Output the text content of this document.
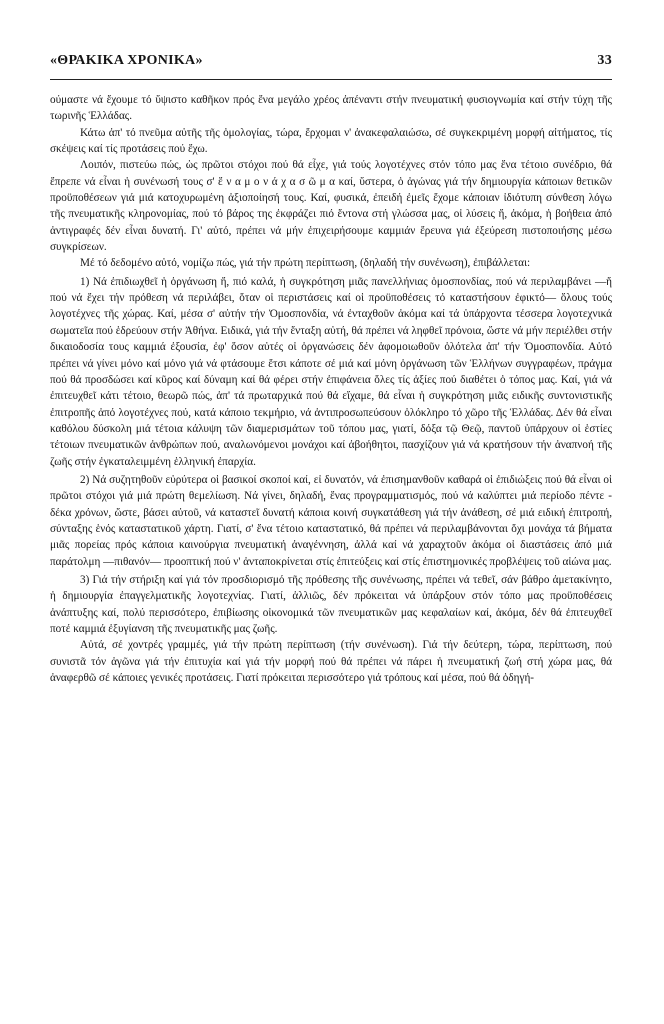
«ΘΡΑΚΙΚΑ ΧΡΟΝΙΚΑ»	33

ούμαστε νά ἔχουμε τό ὕψιστο καθῆκον πρός ἕνα μεγάλο χρέος ἀπέναντι στήν πνευματική φυσιογνωμία καί στήν τύχη τῆς τωρινῆς Ἑλλάδας.

Κάτω ἀπ' τό πνεῦμα αὐτῆς τῆς ὁμολογίας, τώρα, ἔρχομαι ν' ἀνακεφαλαιώσω, σέ συγκεκριμένη μορφή αἰτήματος, τίς σκέψεις καί τίς προτάσεις πού ἔχω.

Λοιπόν, πιστεύω πώς, ὡς πρῶτοι στόχοι πού θά εἶχε, γιά τούς λογοτέχνες στόν τόπο μας ἕνα τέτοιο συνέδριο, θά ἔπρεπε νά εἶναι ἡ συνένωσή τους σ' ἕ ν α μ ο ν ά χ α σ ῶ μ α καί, ὕστερα, ὁ ἀγώνας γιά τήν δημιουργία κάποιων θετικῶν προϋποθέσεων γιά μιά κατοχυρωμένη ἀξιοποίησή τους. Καί, φυσικά, ἐπειδή ἐμεῖς ἔχομε κάποιαν ἰδιότυπη σύνθεση λόγω τῆς πνευματικῆς κληρονομίας, πού τό βάρος της ἐκφράζει πιό ἔντονα στή γλώσσα μας, οἱ λύσεις ἤ, ἀκόμα, ἡ βοήθεια ἀπό ἀντιγραφές δέν εἶναι δυνατή. Γι' αὐτό, πρέπει νά μήν ἐπιχειρήσουμε καμμιάν ἔρευνα γιά ἐξεύρεση πιστοποιήσης μέσω συγκρίσεων.

Μέ τό δεδομένο αὐτό, νομίζω πώς, γιά τήν πρώτη περίπτωση, (δηλαδή τήν συνένωση), ἐπιβάλλεται:

1) Νά ἐπιδιωχθεῖ ἡ ὀργάνωση ἤ, πιό καλά, ἡ συγκρότηση μιᾶς πανελλήνιας ὁμοσπονδίας, πού νά περιλαμβάνει —ἤ πού νά ἔχει τήν πρόθεση νά περιλάβει, ὅταν οἱ περιστάσεις καί οἱ προϋποθέσεις τό καταστήσουν ἐφικτό— ὅλους τούς λογοτέχνες τῆς χώρας. Καί, μέσα σ' αὐτήν τήν Ὁμοσπονδία, νά ἐνταχθοῦν ἀκόμα καί τά ὑπάρχοντα τέσσερα λογοτεχνικά σωματεῖα πού ἑδρεύουν στήν Ἀθήνα. Ειδικά, γιά τήν ἔνταξη αὐτή, θά πρέπει νά ληφθεῖ πρόνοια, ὥστε νά μήν περιέλθει στήν δικαιοδοσία τους καμμιά ἐξουσία, ἐφ' ὅσον αὐτές οἱ ὀργανώσεις δέν ἀφομοιωθοῦν ὁλότελα ἀπ' τήν Ὁμοσπονδία. Αὐτό πρέπει νά γίνει μόνο καί μόνο γιά νά φτάσουμε ἔτσι κάποτε σέ μιά καί μόνη ὀργάνωση τῶν Ἑλλήνων συγγραφέων, πράγμα πού θά προσδώσει καί κῦρος καί δύναμη καί θά φέρει στήν ἐπιφάνεια ὅλες τίς ἀξίες πού διαθέτει ὁ τόπος μας. Καί, γιά νά ἐπιτευχθεῖ κάτι τέτοιο, θεωρῶ πώς, ἀπ' τά πρωταρχικά πού θά εἴχαμε, θά εἶναι ἡ συγκρότηση μιᾶς ειδικῆς συντονιστικῆς ἐπιτροπῆς ἀπό λογοτέχνες πού, κατά κάποιο τεκμήριο, νά ἀντιπροσωπεύσουν ὁλόκληρο τό χῶρο τῆς Ἑλλάδας. Δέν θά εἶναι καθόλου δύσκολη μιά τέτοια κάλυψη τῶν διαμερισμάτων τοῦ τόπου μας, γιατί, δόξα τῷ Θεῷ, παντοῦ ὑπάρχουν οἱ ἑστίες τέτοιων πνευματικῶν ἀνθρώπων πού, αναλωνόμενοι μονάχοι καί ἀβοήθητοι, πασχίζουν γιά νά κρατήσουν τήν ἀναπνοή τῆς ζωῆς στήν ἐγκαταλειμμένη ἑλληνική ἐπαρχία.

2) Νά συζητηθοῦν εὐρύτερα οἱ βασικοί σκοποί καί, εἰ δυνατόν, νά ἐπισημανθοῦν καθαρά οἱ ἐπιδιώξεις πού θά εἶναι οἱ πρῶτοι στόχοι γιά μιά πρώτη θεμελίωση. Νά γίνει, δηλαδή, ἕνας προγραμματισμός, πού νά καλύπτει μιά περίοδο πέντε - δέκα χρόνων, ὥστε, βάσει αὐτοῦ, νά καταστεῖ δυνατή κάποια κοινή συγκατάθεση γιά τήν ἀνάθεση, σέ μιά ειδική ἐπιτροπή, σύνταξης ἑνός καταστατικοῦ χάρτη. Γιατί, σ' ἕνα τέτοιο καταστατικό, θά πρέπει νά περιλαμβάνονται ὄχι μονάχα τά βήματα μιᾶς πορείας πρός κάποια καινούργια πνευματική ἀναγέννηση, ἀλλά καί νά χαραχτοῦν ἀκόμα οἱ διαστάσεις ἀπό μιά παράτολμη —πιθανόν— προοπτική πού ν' ἀνταποκρίνεται στίς ἐπιτεύξεις καί στίς ἐπιστημονικές προβλέψεις τοῦ αἰώνα μας.

3) Γιά τήν στήριξη καί γιά τόν προσδιορισμό τῆς πρόθεσης τῆς συνένωσης, πρέπει νά τεθεῖ, σάν βάθρο ἀμετακίνητο, ἡ δημιουργία ἐπαγγελματικῆς λογοτεχνίας. Γιατί, ἀλλιῶς, δέν πρόκειται νά ὑπάρξουν στόν τόπο μας προϋποθέσεις ἀνάπτυξης καί, πολύ περισσότερο, ἐπιβίωσης οἰκονομικά τῶν πνευματικῶν μας κεφαλαίων καί, ἀκόμα, δέν θά ἐπιτευχθεῖ ποτέ καμμιά ἐξυγίανση τῆς πνευματικῆς μας ζωῆς.

Αὐτά, σέ χοντρές γραμμές, γιά τήν πρώτη περίπτωση (τήν συνένωση). Γιά τήν δεύτερη, τώρα, περίπτωση, πού συνιστᾶ τόν ἀγῶνα γιά τήν ἐπιτυχία καί γιά τήν μορφή πού θά πρέπει νά πάρει ἡ πνευματική ζωή στή χώρα μας, θά ἀναφερθῶ σέ κάποιες γενικές προτάσεις. Γιατί πρόκειται περισσότερο γιά τρόπους καί μέσα, πού θά ὁδηγή-
